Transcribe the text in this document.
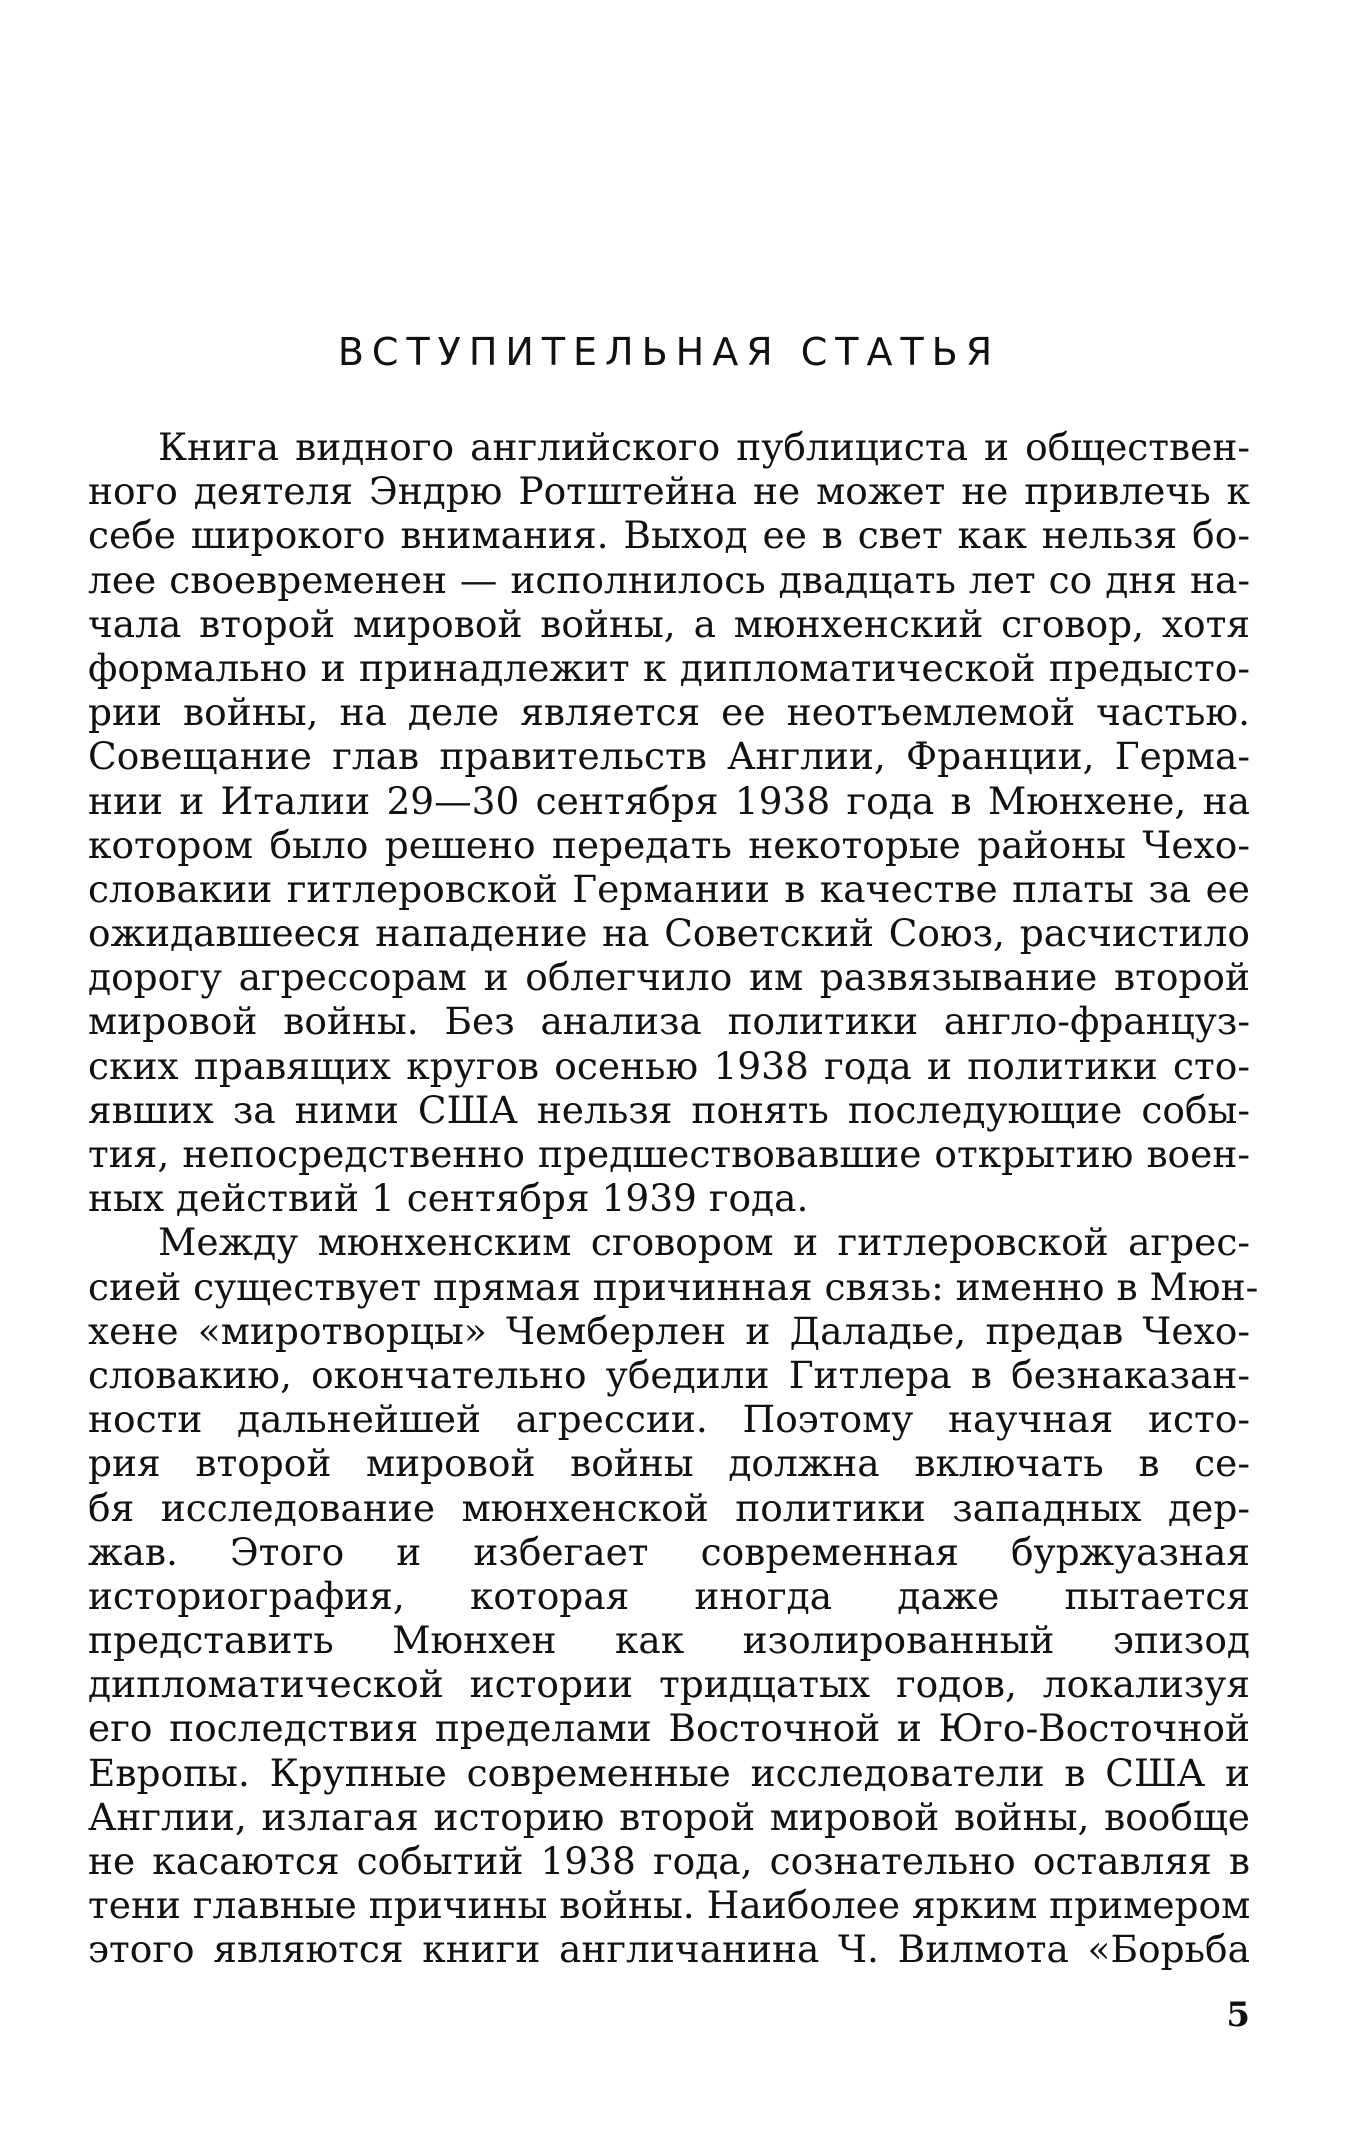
ВСТУПИТЕЛЬНАЯ СТАТЬЯ
Книга видного английского публициста и обществен-
ного деятеля Эндрю Ротштейна не может не привлечь к
себе широкого внимания. Выход ее в свет как нельзя бо-
лее своевременен — исполнилось двадцать лет со дня на-
чала второй мировой войны, а мюнхенский сговор, хотя
формально и принадлежит к дипломатической предысто-
рии войны, на деле является ее неотъемлемой частью.
Совещание глав правительств Англии, Франции, Герма-
нии и Италии 29—30 сентября 1938 года в Мюнхене, на
котором было решено передать некоторые районы Чехо-
словакии гитлеровской Германии в качестве платы за ее
ожидавшееся нападение на Советский Союз, расчистило
дорогу агрессорам и облегчило им развязывание второй
мировой войны. Без анализа политики англо-француз-
ских правящих кругов осенью 1938 года и политики сто-
явших за ними США нельзя понять последующие собы-
тия, непосредственно предшествовавшие открытию воен-
ных действий 1 сентября 1939 года.
Между мюнхенским сговором и гитлеровской агрес-
сией существует прямая причинная связь: именно в Мюн-
хене «миротворцы» Чемберлен и Даладье, предав Чехо-
словакию, окончательно убедили Гитлера в безнаказан-
ности дальнейшей агрессии. Поэтому научная исто-
рия второй мировой войны должна включать в се-
бя исследование мюнхенской политики западных дер-
жав. Этого и избегает современная буржуазная
историография, которая иногда даже пытается
представить Мюнхен как изолированный эпизод
дипломатической истории тридцатых годов, локализуя
его последствия пределами Восточной и Юго-Восточной
Европы. Крупные современные исследователи в США и
Англии, излагая историю второй мировой войны, вообще
не касаются событий 1938 года, сознательно оставляя в
тени главные причины войны. Наиболее ярким примером
этого являются книги англичанина Ч. Вилмота «Борьба
5
